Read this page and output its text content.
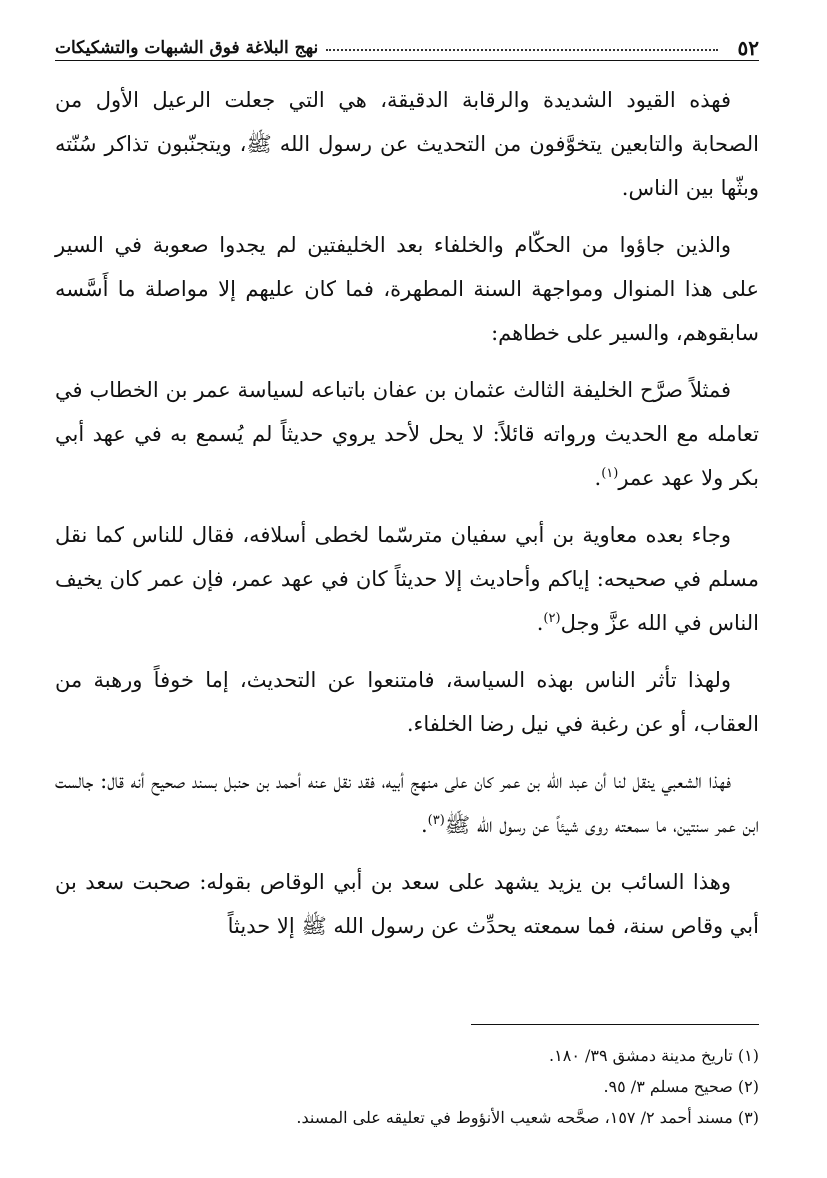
٥٢
نهج البلاغة فوق الشبهات والتشكيكات

فهذه القيود الشديدة والرقابة الدقيقة، هي التي جعلت الرعيل الأول من الصحابة والتابعين يتخوَّفون من التحديث عن رسول الله ﷺ، ويتجنّبون تذاكر سُنّته وبثّها بين الناس.

والذين جاؤوا من الحكّام والخلفاء بعد الخليفتين لم يجدوا صعوبة في السير على هذا المنوال ومواجهة السنة المطهرة، فما كان عليهم إلا مواصلة ما أَسَّسه سابقوهم، والسير على خطاهم:

فمثلاً صرَّح الخليفة الثالث عثمان بن عفان باتباعه لسياسة عمر بن الخطاب في تعامله مع الحديث ورواته قائلاً: لا يحل لأحد يروي حديثاً لم يُسمع به في عهد أبي بكر ولا عهد عمر$^{(١)}$.

وجاء بعده معاوية بن أبي سفيان مترسّما لخطى أسلافه، فقال للناس كما نقل مسلم في صحيحه: إياكم وأحاديث إلا حديثاً كان في عهد عمر، فإن عمر كان يخيف الناس في الله عزَّ وجل$^{(٢)}$.

ولهذا تأثر الناس بهذه السياسة، فامتنعوا عن التحديث، إما خوفاً ورهبة من العقاب، أو عن رغبة في نيل رضا الخلفاء.

فهذا الشعبي ينقل لنا أن عبد الله بن عمر كان على منهج أبيه، فقد نقل عنه أحمد بن حنبل بسند صحيح أنه قال: جالست ابن عمر سنتين، ما سمعته روى شيئاً عن رسول الله ﷺ$^{(٣)}$.

وهذا السائب بن يزيد يشهد على سعد بن أبي الوقاص بقوله: صحبت سعد بن أبي وقاص سنة، فما سمعته يحدِّث عن رسول الله ﷺ إلا حديثاً

(١) تاريخ مدينة دمشق ٣٩/ ١٨٠.

(٢) صحيح مسلم ٣/ ٩٥.

(٣) مسند أحمد ٢/ ١٥٧، صحَّحه شعيب الأنؤوط في تعليقه على المسند.
